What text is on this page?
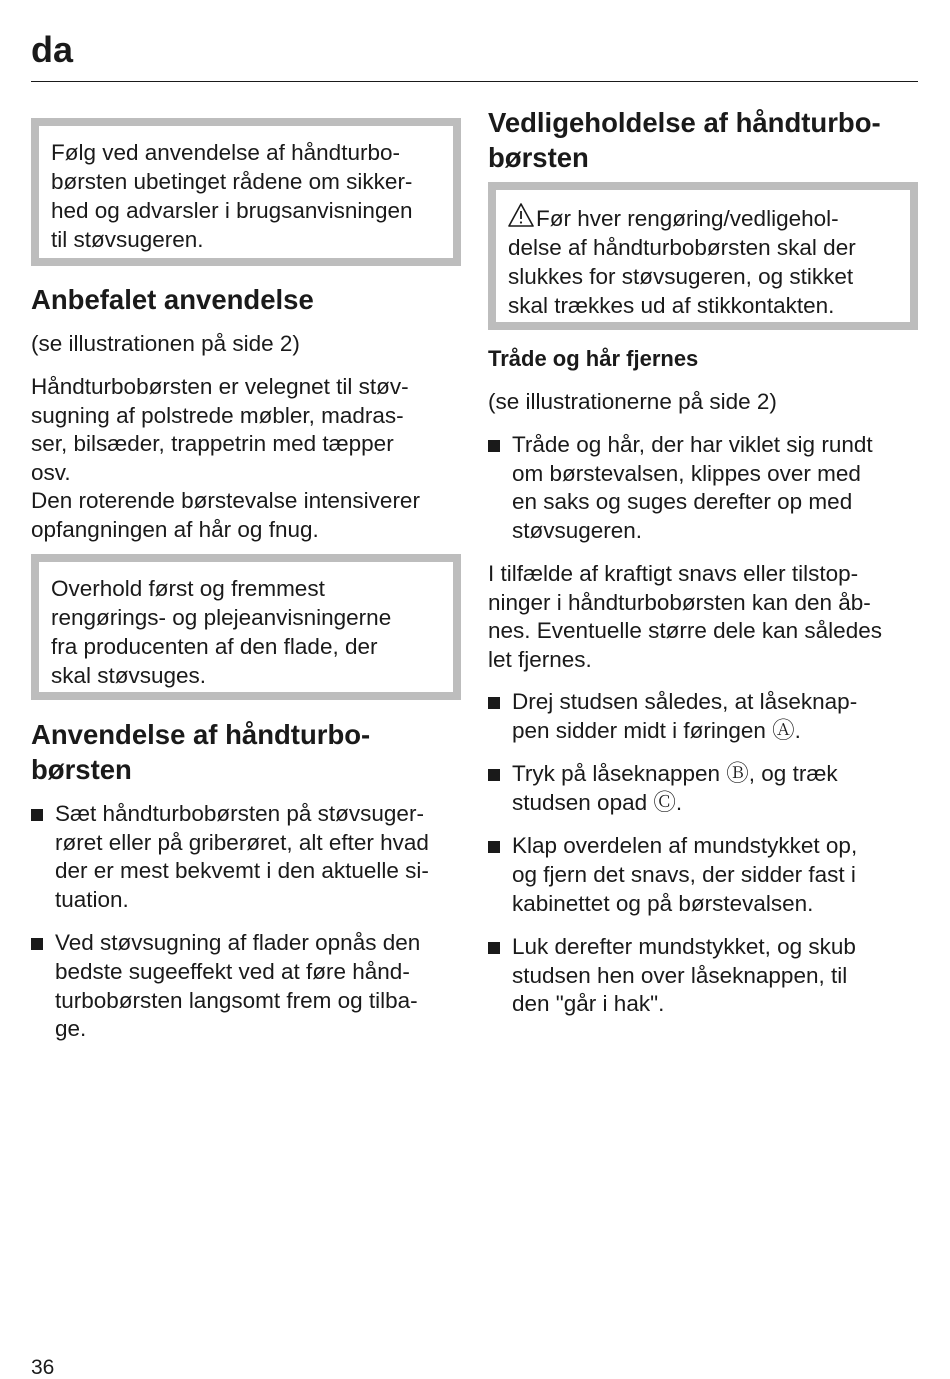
da

Følg ved anvendelse af håndturbo-
børsten ubetinget rådene om sikker-
hed og advarsler i brugsanvisningen
til støvsugeren.

Anbefalet anvendelse

(se illustrationen på side 2)

Håndturbobørsten er velegnet til støv-
sugning af polstrede møbler, madras-
ser, bilsæder, trappetrin med tæpper
osv.
Den roterende børstevalse intensiverer
opfangningen af hår og fnug.

Overhold først og fremmest
rengørings- og plejeanvisningerne
fra producenten af den flade, der
skal støvsuges.

Anvendelse af håndturbo-
børsten
Sæt håndturbobørsten på støvsuger-
røret eller på griberøret, alt efter hvad
der er mest bekvemt i den aktuelle si-
tuation.
Ved støvsugning af flader opnås den
bedste sugeeffekt ved at føre hånd-
turbobørsten langsomt frem og tilba-
ge.
Vedligeholdelse af håndturbo-
børsten

Før hver rengøring/vedligehol-
delse af håndturbobørsten skal der
slukkes for støvsugeren, og stikket
skal trækkes ud af stikkontakten.

Tråde og hår fjernes

(se illustrationerne på side 2)

Tråde og hår, der har viklet sig rundt
om børstevalsen, klippes over med
en saks og suges derefter op med
støvsugeren.

I tilfælde af kraftigt snavs eller tilstop-
ninger i håndturbobørsten kan den åb-
nes. Eventuelle større dele kan således
let fjernes.

Drej studsen således, at låseknap-
pen sidder midt i føringen Ⓐ.
Tryk på låseknappen Ⓑ, og træk
studsen opad Ⓒ.
Klap overdelen af mundstykket op,
og fjern det snavs, der sidder fast i
kabinettet og på børstevalsen.
Luk derefter mundstykket, og skub
studsen hen over låseknappen, til
den "går i hak".

36
